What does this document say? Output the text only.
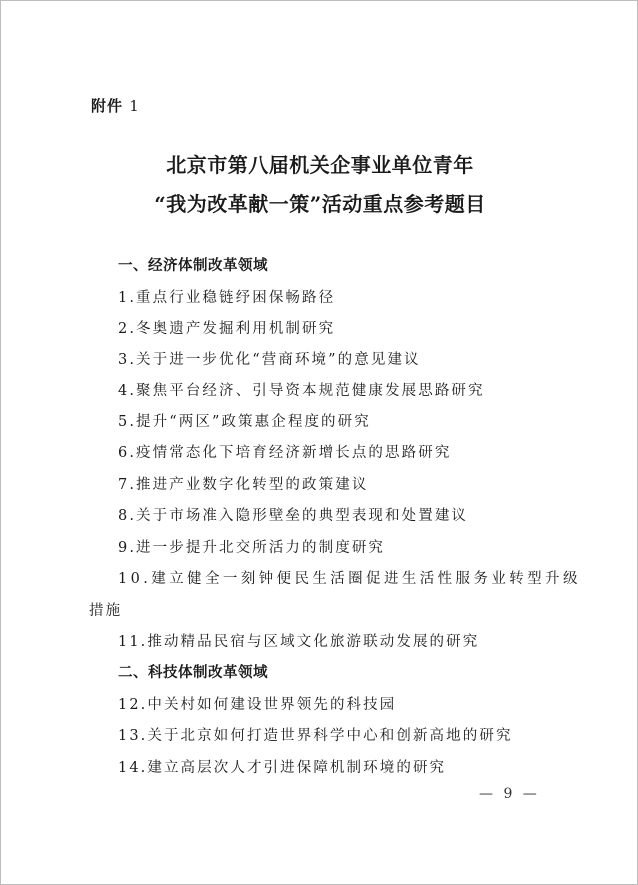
附件 1
北京市第八届机关企事业单位青年
“我为改革献一策”活动重点参考题目
一、经济体制改革领域
1.重点行业稳链纾困保畅路径
2.冬奥遗产发掘利用机制研究
3.关于进一步优化“营商环境”的意见建议
4.聚焦平台经济、引导资本规范健康发展思路研究
5.提升“两区”政策惠企程度的研究
6.疫情常态化下培育经济新增长点的思路研究
7.推进产业数字化转型的政策建议
8.关于市场准入隐形壁垒的典型表现和处置建议
9.进一步提升北交所活力的制度研究
10.建立健全一刻钟便民生活圈促进生活性服务业转型升级
措施
11.推动精品民宿与区域文化旅游联动发展的研究
二、科技体制改革领域
12.中关村如何建设世界领先的科技园
13.关于北京如何打造世界科学中心和创新高地的研究
14.建立高层次人才引进保障机制环境的研究
— 9 —
